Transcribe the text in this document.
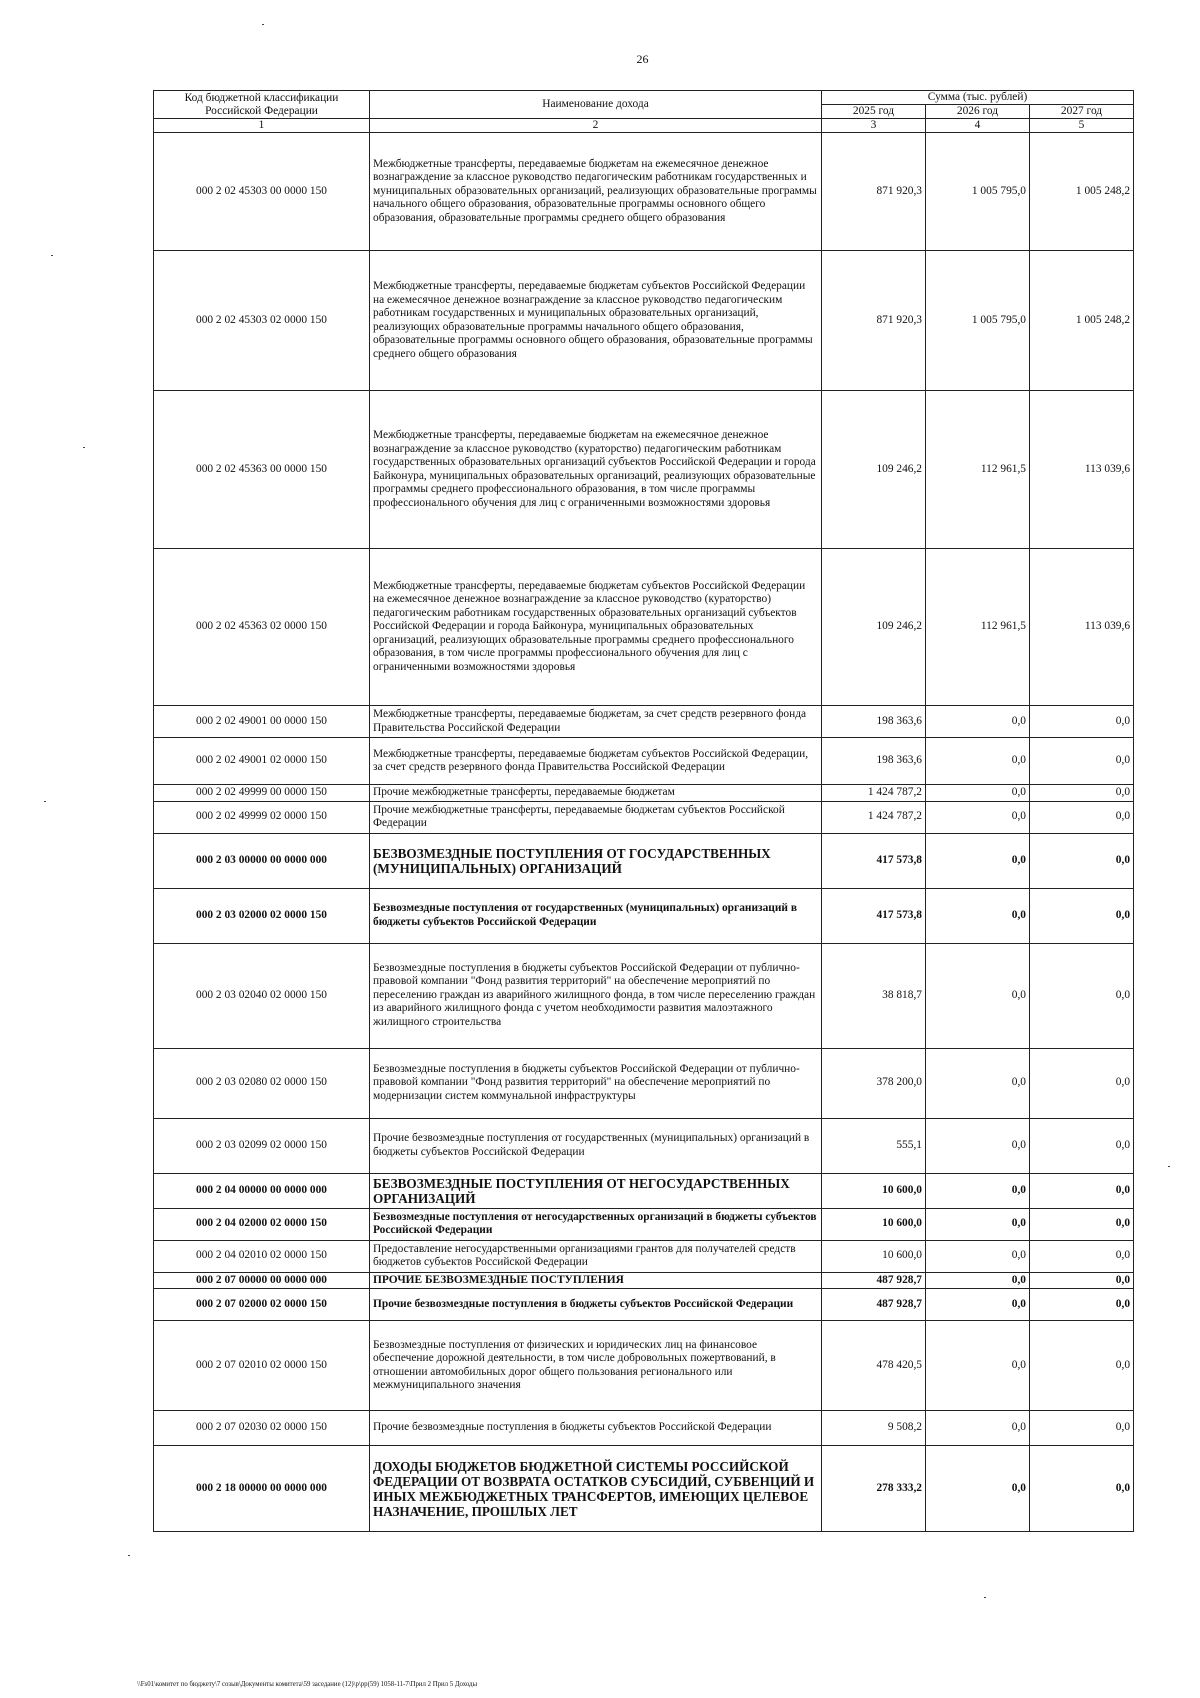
26
Код бюджетной классификации Российской Федерации	Наименование дохода	Сумма (тыс. рублей)		
		2025 год	2026 год	2027 год
1	2	3	4	5
000 2 02 45303 00 0000 150	Межбюджетные трансферты, передаваемые бюджетам на ежемесячное денежное вознаграждение за классное руководство педагогическим работникам государственных и муниципальных образовательных организаций, реализующих образовательные программы начального общего образования, образовательные программы основного общего образования, образовательные программы среднего общего образования	871 920,3	1 005 795,0	1 005 248,2
000 2 02 45303 02 0000 150	Межбюджетные трансферты, передаваемые бюджетам субъектов Российской Федерации на ежемесячное денежное вознаграждение за классное руководство педагогическим работникам государственных и муниципальных образовательных организаций, реализующих образовательные программы начального общего образования, образовательные программы основного общего образования, образовательные программы среднего общего образования	871 920,3	1 005 795,0	1 005 248,2
000 2 02 45363 00 0000 150	Межбюджетные трансферты, передаваемые бюджетам на ежемесячное денежное вознаграждение за классное руководство (кураторство) педагогическим работникам государственных образовательных организаций субъектов Российской Федерации и города Байконура, муниципальных образовательных организаций, реализующих образовательные программы среднего профессионального образования, в том числе программы профессионального обучения для лиц с ограниченными возможностями здоровья	109 246,2	112 961,5	113 039,6
000 2 02 45363 02 0000 150	Межбюджетные трансферты, передаваемые бюджетам субъектов Российской Федерации на ежемесячное денежное вознаграждение за классное руководство (кураторство) педагогическим работникам государственных образовательных организаций субъектов Российской Федерации и города Байконура, муниципальных образовательных организаций, реализующих образовательные программы среднего профессионального образования, в том числе программы профессионального обучения для лиц с ограниченными возможностями здоровья	109 246,2	112 961,5	113 039,6
000 2 02 49001 00 0000 150	Межбюджетные трансферты, передаваемые бюджетам, за счет средств резервного фонда Правительства Российской Федерации	198 363,6	0,0	0,0
000 2 02 49001 02 0000 150	Межбюджетные трансферты, передаваемые бюджетам субъектов Российской Федерации, за счет средств резервного фонда Правительства Российской Федерации	198 363,6	0,0	0,0
000 2 02 49999 00 0000 150	Прочие межбюджетные трансферты, передаваемые бюджетам	1 424 787,2	0,0	0,0
000 2 02 49999 02 0000 150	Прочие межбюджетные трансферты, передаваемые бюджетам субъектов Российской Федерации	1 424 787,2	0,0	0,0
000 2 03 00000 00 0000 000	БЕЗВОЗМЕЗДНЫЕ ПОСТУПЛЕНИЯ ОТ ГОСУДАРСТВЕННЫХ (МУНИЦИПАЛЬНЫХ) ОРГАНИЗАЦИЙ	417 573,8	0,0	0,0
000 2 03 02000 02 0000 150	Безвозмездные поступления от государственных (муниципальных) организаций в бюджеты субъектов Российской Федерации	417 573,8	0,0	0,0
000 2 03 02040 02 0000 150	Безвозмездные поступления в бюджеты субъектов Российской Федерации от публично-правовой компании "Фонд развития территорий" на обеспечение мероприятий по переселению граждан из аварийного жилищного фонда, в том числе переселению граждан из аварийного жилищного фонда с учетом необходимости развития малоэтажного жилищного строительства	38 818,7	0,0	0,0
000 2 03 02080 02 0000 150	Безвозмездные поступления в бюджеты субъектов Российской Федерации от публично-правовой компании "Фонд развития территорий" на обеспечение мероприятий по модернизации систем коммунальной инфраструктуры	378 200,0	0,0	0,0
000 2 03 02099 02 0000 150	Прочие безвозмездные поступления от государственных (муниципальных) организаций в бюджеты субъектов Российской Федерации	555,1	0,0	0,0
000 2 04 00000 00 0000 000	БЕЗВОЗМЕЗДНЫЕ ПОСТУПЛЕНИЯ ОТ НЕГОСУДАРСТВЕННЫХ ОРГАНИЗАЦИЙ	10 600,0	0,0	0,0
000 2 04 02000 02 0000 150	Безвозмездные поступления от негосударственных организаций в бюджеты субъектов Российской Федерации	10 600,0	0,0	0,0
000 2 04 02010 02 0000 150	Предоставление негосударственными организациями грантов для получателей средств бюджетов субъектов Российской Федерации	10 600,0	0,0	0,0
000 2 07 00000 00 0000 000	ПРОЧИЕ БЕЗВОЗМЕЗДНЫЕ ПОСТУПЛЕНИЯ	487 928,7	0,0	0,0
000 2 07 02000 02 0000 150	Прочие безвозмездные поступления в бюджеты субъектов Российской Федерации	487 928,7	0,0	0,0
000 2 07 02010 02 0000 150	Безвозмездные поступления от физических и юридических лиц на финансовое обеспечение дорожной деятельности, в том числе добровольных пожертвований, в отношении автомобильных дорог общего пользования регионального или межмуниципального значения	478 420,5	0,0	0,0
000 2 07 02030 02 0000 150	Прочие безвозмездные поступления в бюджеты субъектов Российской Федерации	9 508,2	0,0	0,0
000 2 18 00000 00 0000 000	ДОХОДЫ БЮДЖЕТОВ БЮДЖЕТНОЙ СИСТЕМЫ РОССИЙСКОЙ ФЕДЕРАЦИИ ОТ ВОЗВРАТА ОСТАТКОВ СУБСИДИЙ, СУБВЕНЦИЙ И ИНЫХ МЕЖБЮДЖЕТНЫХ ТРАНСФЕРТОВ, ИМЕЮЩИХ ЦЕЛЕВОЕ НАЗНАЧЕНИЕ, ПРОШЛЫХ ЛЕТ	278 333,2	0,0	0,0
\\Fs01\комитет по бюджету\7 созыв\Документы комитета\59 заседание (12)\р\рр(59) 1058-11-7\Прил 2 Прил 5 Доходы
